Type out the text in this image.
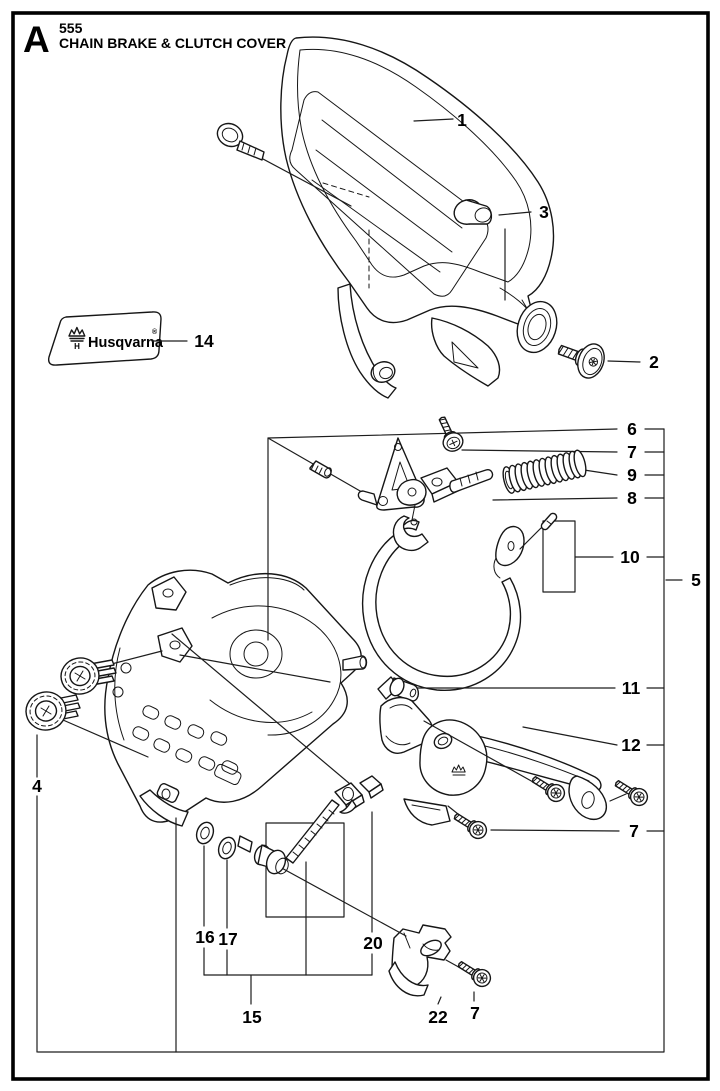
A 555
CHAIN BRAKE & CLUTCH COVER
H Husqvarna
®
1
3
2
14
6
7
9
8
10
5
11
12
7
4
16 17	20
15	22 7
